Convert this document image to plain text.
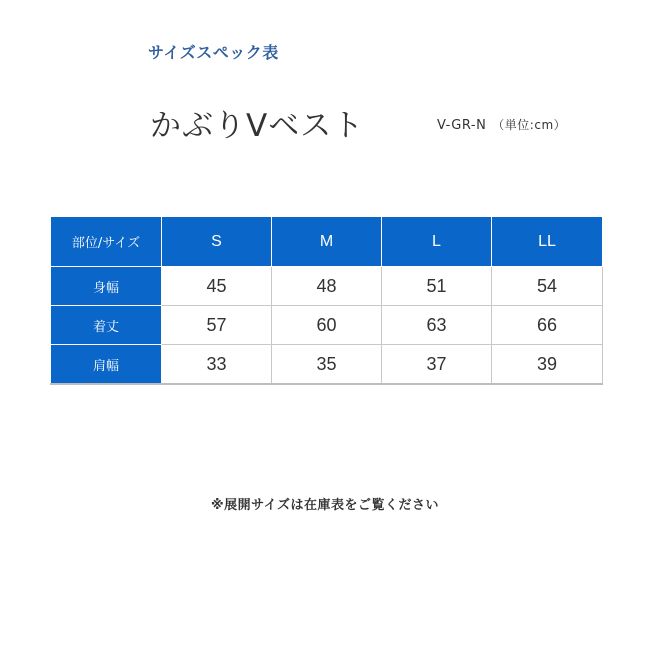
サイズスペック表
かぶりVベスト	V-GR-N （単位:cm）
部位/サイズ	S	M	L	LL
身幅	45	48	51	54
着丈	57	60	63	66
肩幅	33	35	37	39
※展開サイズは在庫表をご覧ください
